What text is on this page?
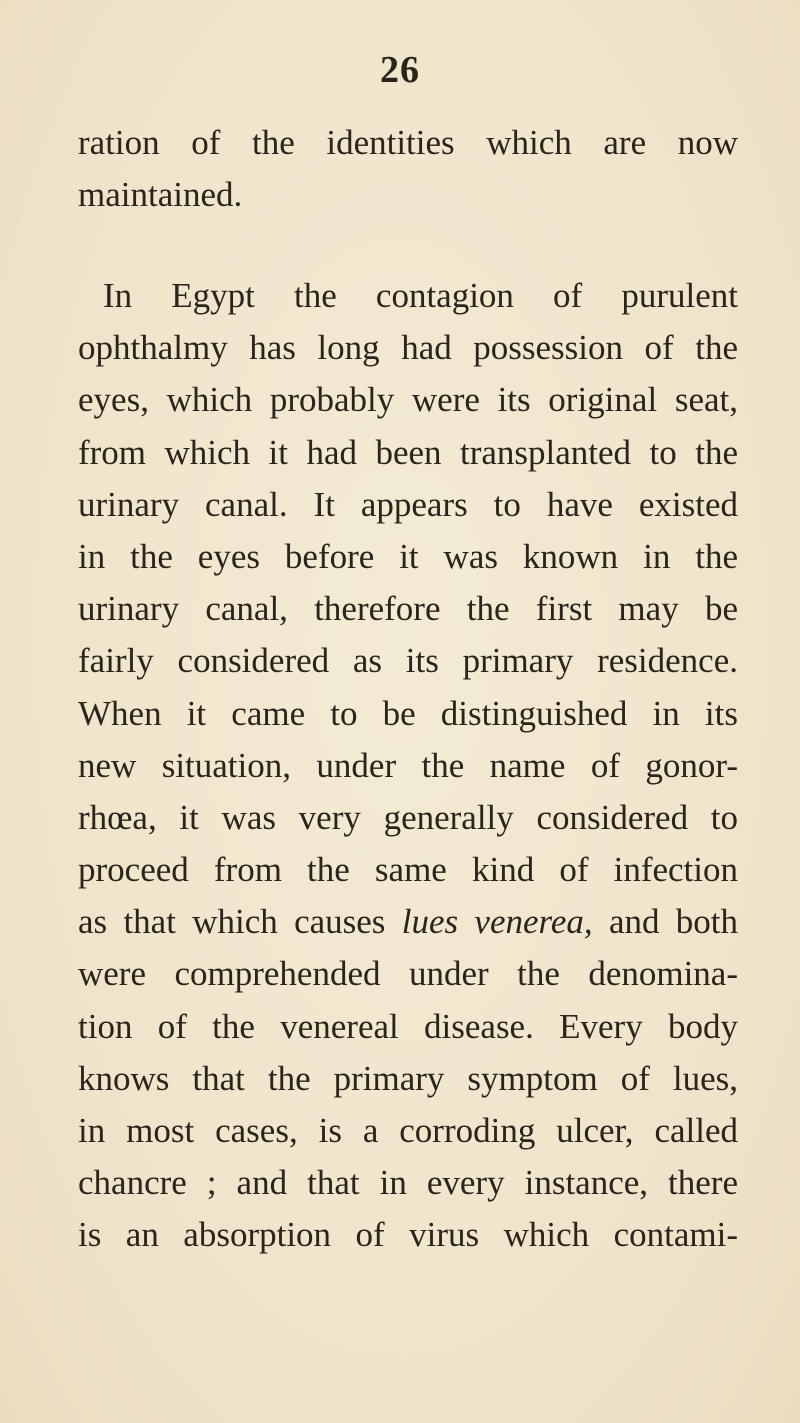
26
ration of the identities which are now
maintained.
In Egypt the contagion of purulent
ophthalmy has long had possession of the
eyes, which probably were its original seat,
from which it had been transplanted to the
urinary canal. It appears to have existed
in the eyes before it was known in the
urinary canal, therefore the first may be
fairly considered as its primary residence.
When it came to be distinguished in its
new situation, under the name of gonor-
rhœa, it was very generally considered to
proceed from the same kind of infection
as that which causes lues venerea, and both
were comprehended under the denomina-
tion of the venereal disease. Every body
knows that the primary symptom of lues,
in most cases, is a corroding ulcer, called
chancre ; and that in every instance, there
is an absorption of virus which contami-
